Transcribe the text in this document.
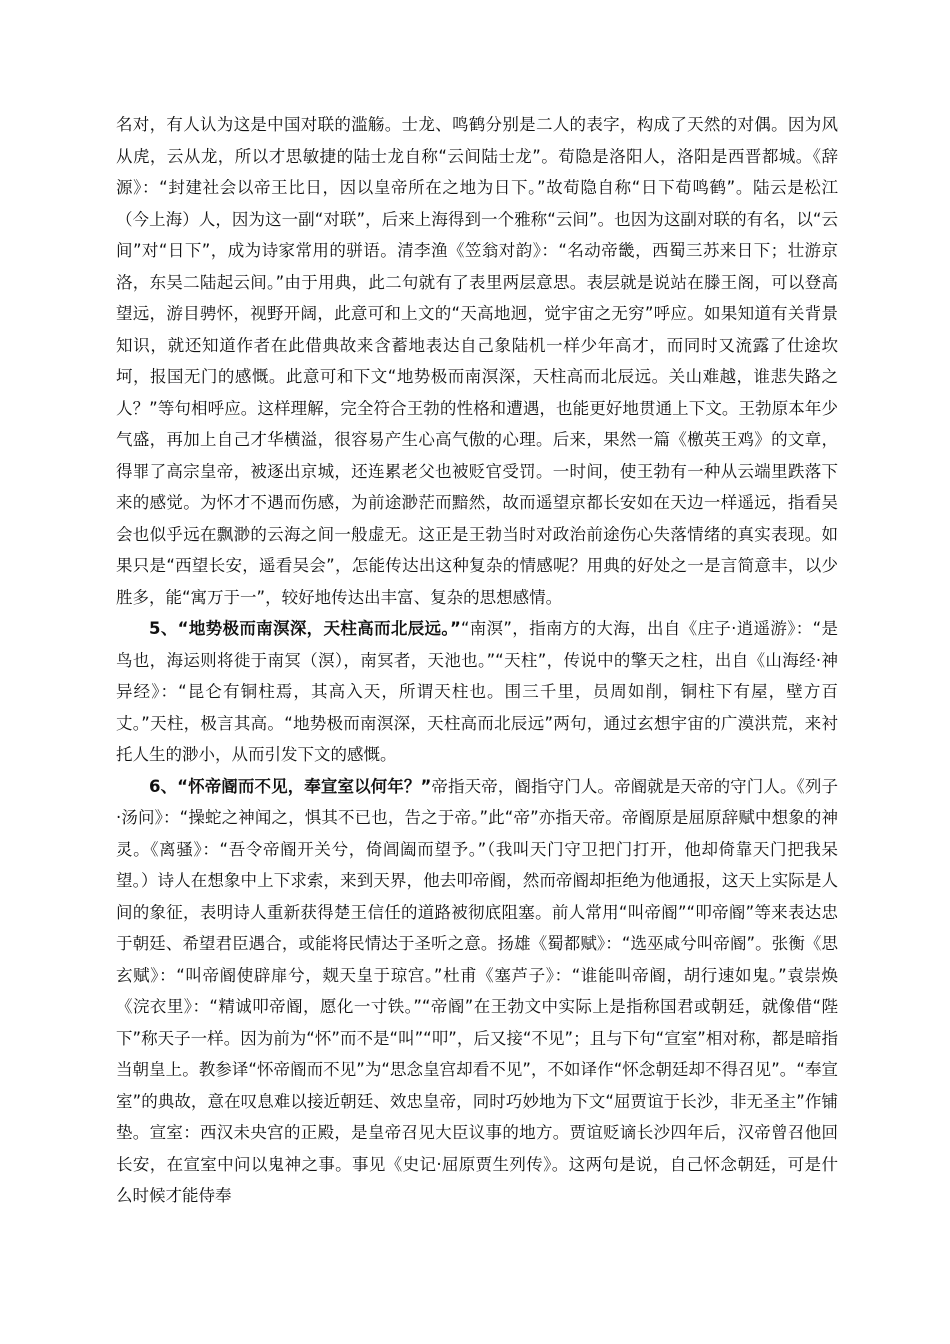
名对，有人认为这是中国对联的滥觞。士龙、鸣鹤分别是二人的表字，构成了天然的对偶。因为风从虎，云从龙，所以才思敏捷的陆士龙自称“云间陆士龙”。荀隐是洛阳人，洛阳是西晋都城。《辞源》：“封建社会以帝王比日，因以皇帝所在之地为日下。”故荀隐自称“日下荀鸣鹤”。陆云是松江（今上海）人，因为这一副“对联”，后来上海得到一个雅称“云间”。也因为这副对联的有名，以“云间”对“日下”，成为诗家常用的骈语。清李渔《笠翁对韵》：“名动帝畿，西蜀三苏来日下；壮游京洛，东吴二陆起云间。”由于用典，此二句就有了表里两层意思。表层就是说站在滕王阁，可以登高望远，游目骋怀，视野开阔，此意可和上文的“天高地迥，觉宇宙之无穷”呼应。如果知道有关背景知识，就还知道作者在此借典故来含蓄地表达自己象陆机一样少年高才，而同时又流露了仕途坎坷，报国无门的感慨。此意可和下文“地势极而南溟深，天柱高而北辰远。关山难越，谁悲失路之人？”等句相呼应。这样理解，完全符合王勃的性格和遭遇，也能更好地贯通上下文。王勃原本年少气盛，再加上自己才华横溢，很容易产生心高气傲的心理。后来，果然一篇《檄英王鸡》的文章，得罪了高宗皇帝，被逐出京城，还连累老父也被贬官受罚。一时间，使王勃有一种从云端里跌落下来的感觉。为怀才不遇而伤感，为前途渺茫而黯然，故而遥望京都长安如在天边一样遥远，指看吴会也似乎远在飘渺的云海之间一般虚无。这正是王勃当时对政治前途伤心失落情绪的真实表现。如果只是“西望长安，遥看吴会”，怎能传达出这种复杂的情感呢？用典的好处之一是言简意丰，以少胜多，能“寓万于一”，较好地传达出丰富、复杂的思想感情。

5、“地势极而南溟深，天柱高而北辰远。”“南溟”，指南方的大海，出自《庄子·逍遥游》：“是鸟也，海运则将徙于南冥（溟），南冥者，天池也。”“天柱”，传说中的擎天之柱，出自《山海经·神异经》：“昆仑有铜柱焉，其高入天，所谓天柱也。围三千里，员周如削，铜柱下有屋，壁方百丈。”天柱，极言其高。“地势极而南溟深，天柱高而北辰远”两句，通过玄想宇宙的广漠洪荒，来衬托人生的渺小，从而引发下文的感慨。

6、“怀帝阍而不见，奉宣室以何年？”帝指天帝，阍指守门人。帝阍就是天帝的守门人。《列子·汤问》：“操蛇之神闻之，惧其不已也，告之于帝。”此“帝”亦指天帝。帝阍原是屈原辞赋中想象的神灵。《离骚》：“吾令帝阍开关兮，倚阊阖而望予。”（我叫天门守卫把门打开，他却倚靠天门把我呆望。）诗人在想象中上下求索，来到天界，他去叩帝阍，然而帝阍却拒绝为他通报，这天上实际是人间的象征，表明诗人重新获得楚王信任的道路被彻底阻塞。前人常用“叫帝阍”“叩帝阍”等来表达忠于朝廷、希望君臣遇合，或能将民情达于圣听之意。扬雄《蜀都赋》：“选巫咸兮叫帝阍”。张衡《思玄赋》：“叫帝阍使辟扉兮，觌天皇于琼宫。”杜甫《塞芦子》：“谁能叫帝阍，胡行速如鬼。”袁崇焕《浣衣里》：“精诚叩帝阍，愿化一寸铁。”“帝阍”在王勃文中实际上是指称国君或朝廷，就像借“陛下”称天子一样。因为前为“怀”而不是“叫”“叩”，后又接“不见”；且与下句“宣室”相对称，都是暗指当朝皇上。教参译“怀帝阍而不见”为“思念皇宫却看不见”，不如译作“怀念朝廷却不得召见”。“奉宣室”的典故，意在叹息难以接近朝廷、效忠皇帝，同时巧妙地为下文“屈贾谊于长沙，非无圣主”作铺垫。宣室：西汉未央宫的正殿，是皇帝召见大臣议事的地方。贾谊贬谪长沙四年后，汉帝曾召他回长安，在宣室中问以鬼神之事。事见《史记·屈原贾生列传》。这两句是说，自己怀念朝廷，可是什么时候才能侍奉
